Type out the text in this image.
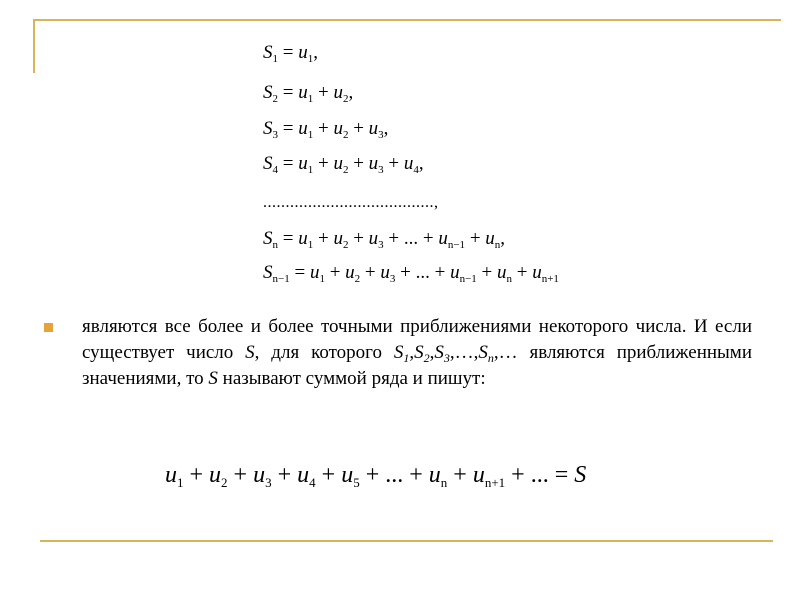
$S_1 = u_1$,
$S_2 = u_1 + u_2$,
$S_3 = u_1 + u_2 + u_3$,
$S_4 = u_1 + u_2 + u_3 + u_4$,
......................................,
$S_n = u_1 + u_2 + u_3$ + ... + $u_{n-1} + u_n$,
$S_{n-1} = u_1 + u_2 + u_3$ + ... + $u_{n-1} + u_n + u_{n+1}$
являются все более и более точными приближениями некоторого числа. И если существует число S, для которого $S_1,S_2,S_3,\dots,S_n,\dots$ являются приближенными значениями, то S называют суммой ряда и пишут:
$u_1 + u_2 + u_3 + u_4 + u_5$ + ... + $u_n + u_{n+1}$ + ... = S
